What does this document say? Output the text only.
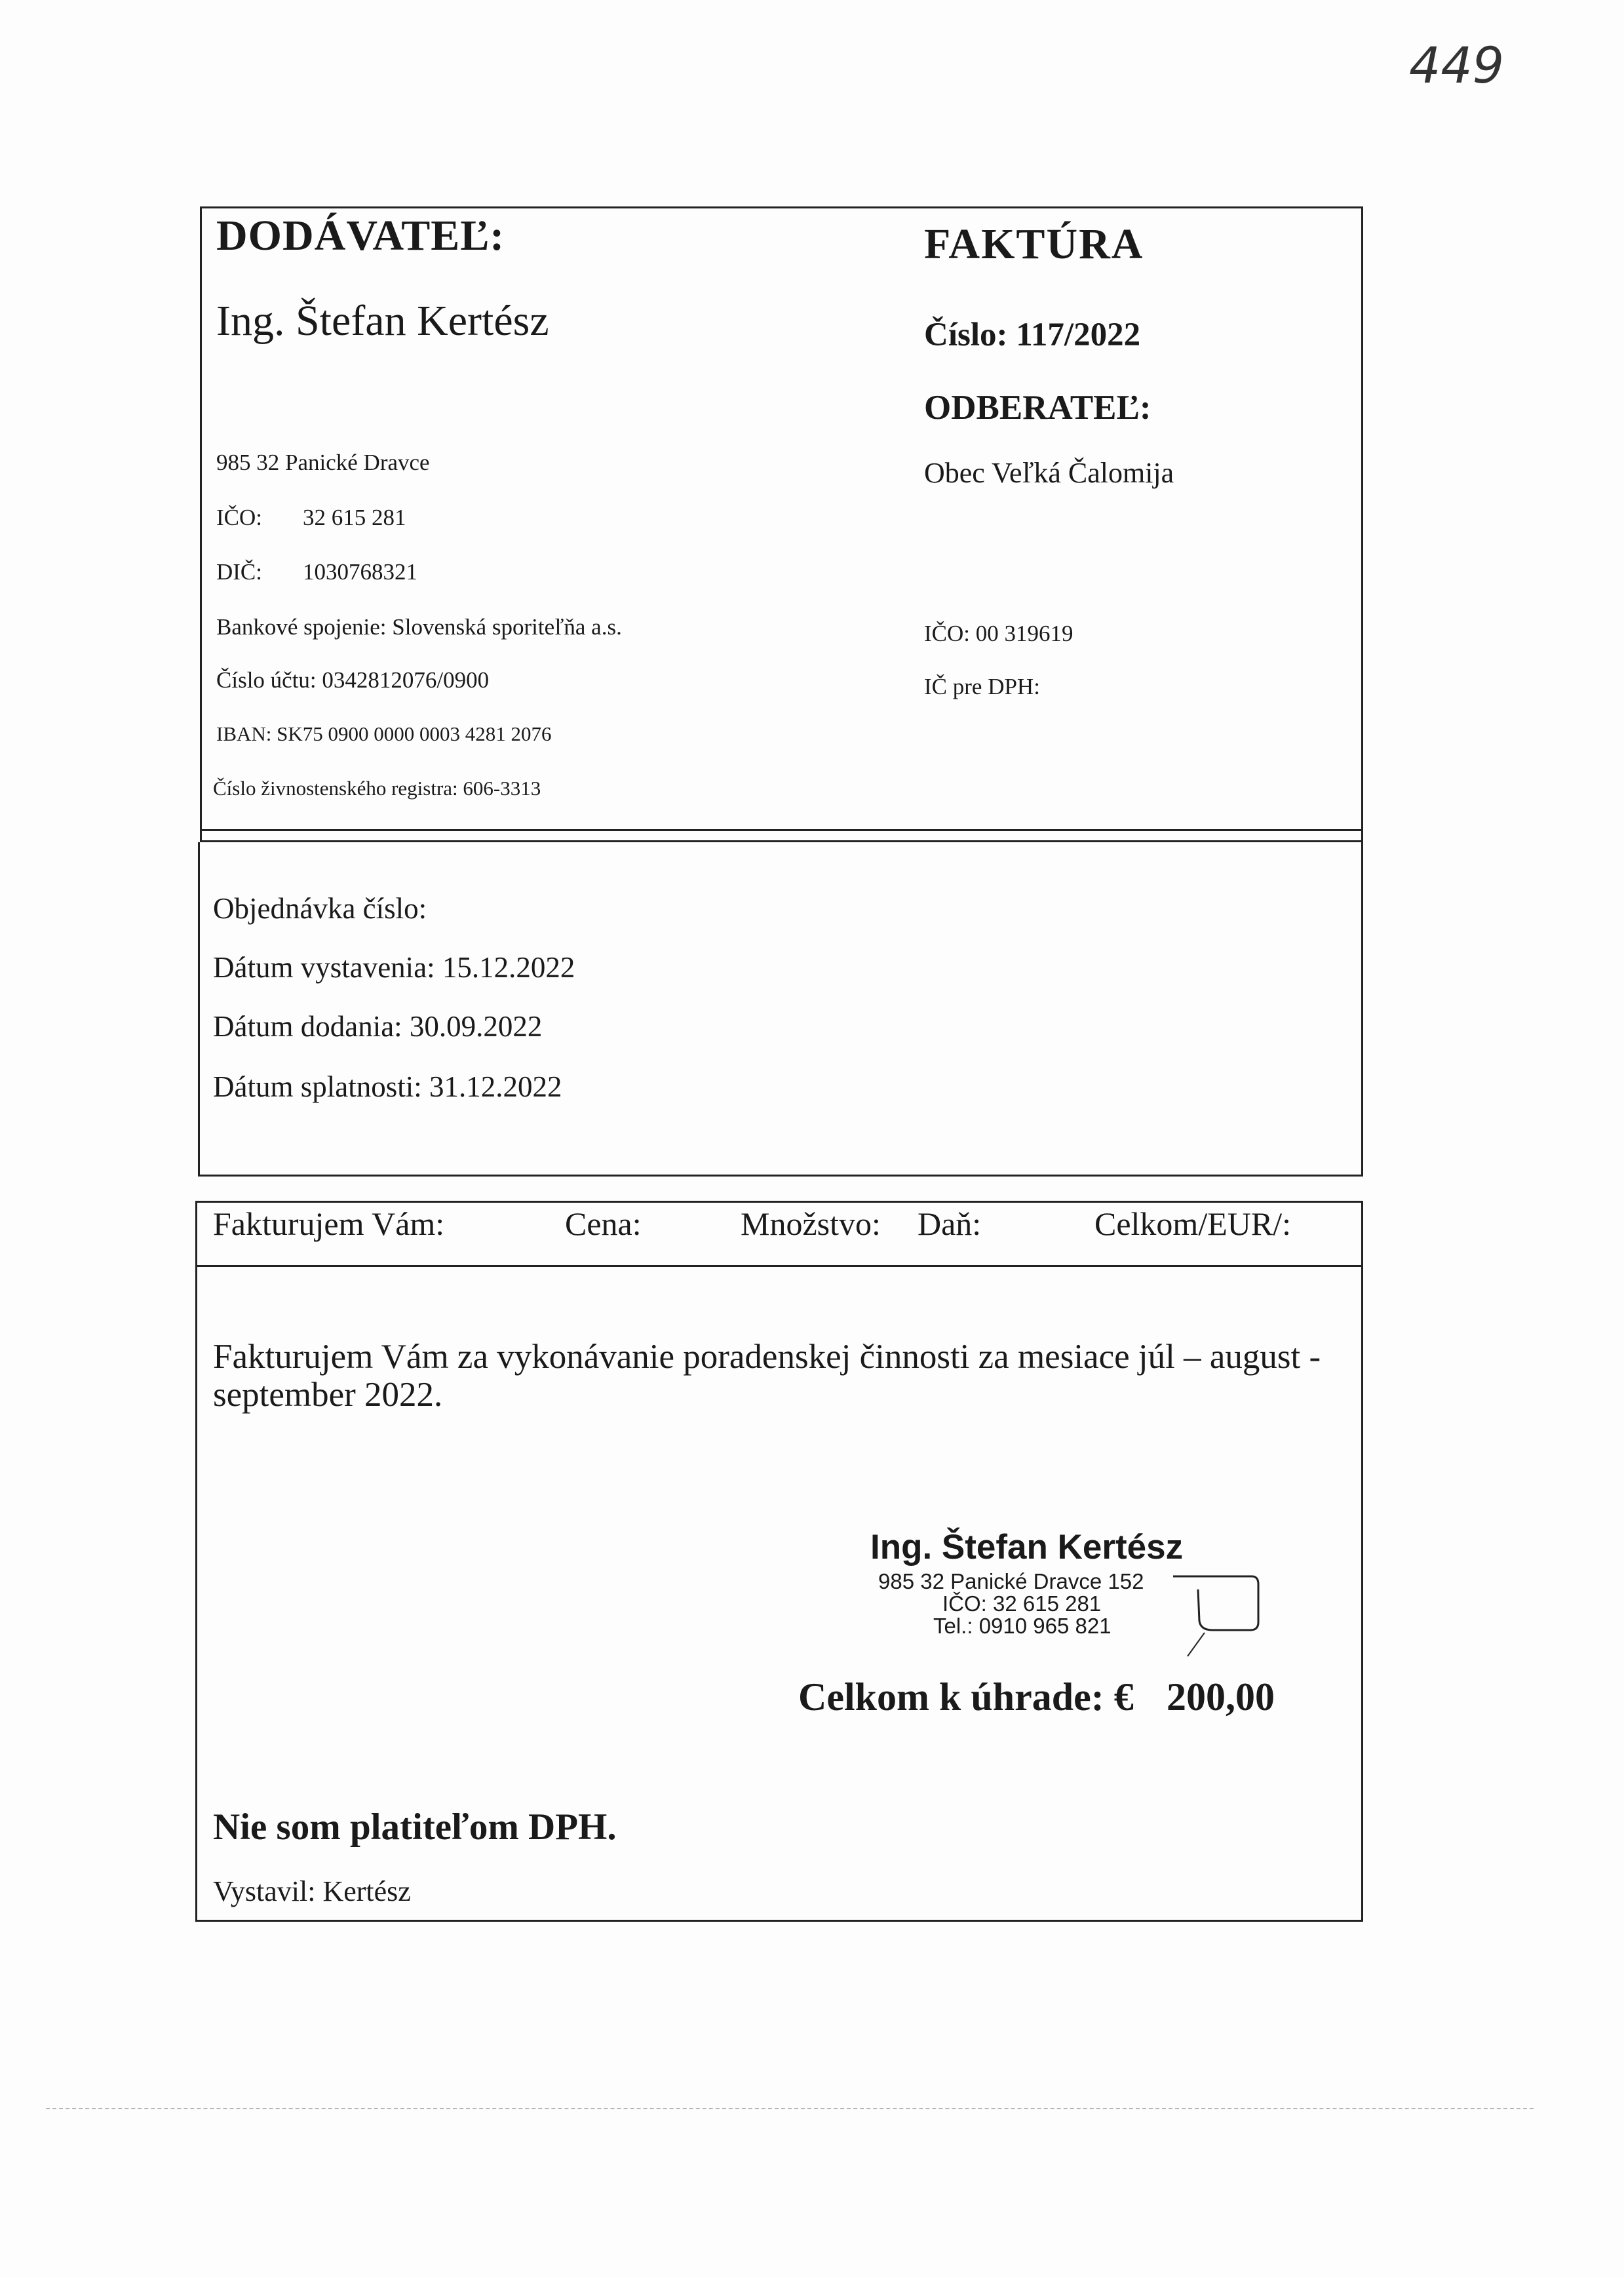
449
DODÁVATEĽ:
Ing. Štefan Kertész
985 32 Panické Dravce
IČO: 32 615 281
DIČ: 1030768321
Bankové spojenie: Slovenská sporiteľňa a.s.
Číslo účtu: 0342812076/0900
IBAN: SK75 0900 0000 0003 4281 2076
Číslo živnostenského registra: 606-3313
FAKTÚRA
Číslo: 117/2022
ODBERATEĽ:
Obec Veľká Čalomija
IČO: 00 319619
IČ pre DPH:
Objednávka číslo:
Dátum vystavenia: 15.12.2022
Dátum dodania: 30.09.2022
Dátum splatnosti: 31.12.2022
Fakturujem Vám:	Cena:	Množstvo: Daň:	Celkom/EUR/:
Fakturujem Vám za vykonávanie poradenskej činnosti za mesiace júl – august -
september 2022.
Ing. Štefan Kertész
985 32 Panické Dravce 152
IČO: 32 615 281
Tel.: 0910 965 821
Celkom k úhrade: € 200,00
Nie som platiteľom DPH.
Vystavil: Kertész
